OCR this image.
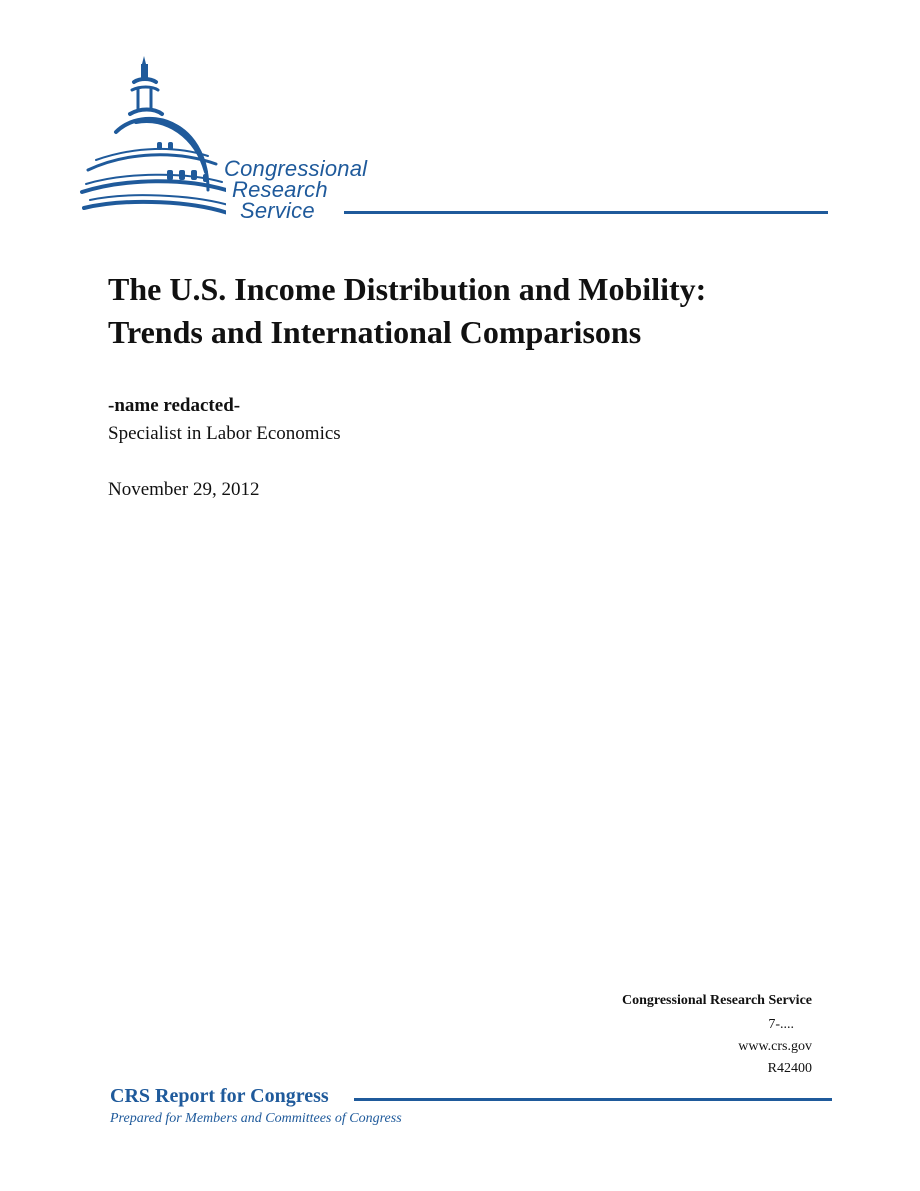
Congressional
Research
Service
The U.S. Income Distribution and Mobility:
Trends and International Comparisons
-name redacted-
Specialist in Labor Economics
November 29, 2012
Congressional Research Service
7-....
www.crs.gov
R42400
CRS Report for Congress
Prepared for Members and Committees of Congress
